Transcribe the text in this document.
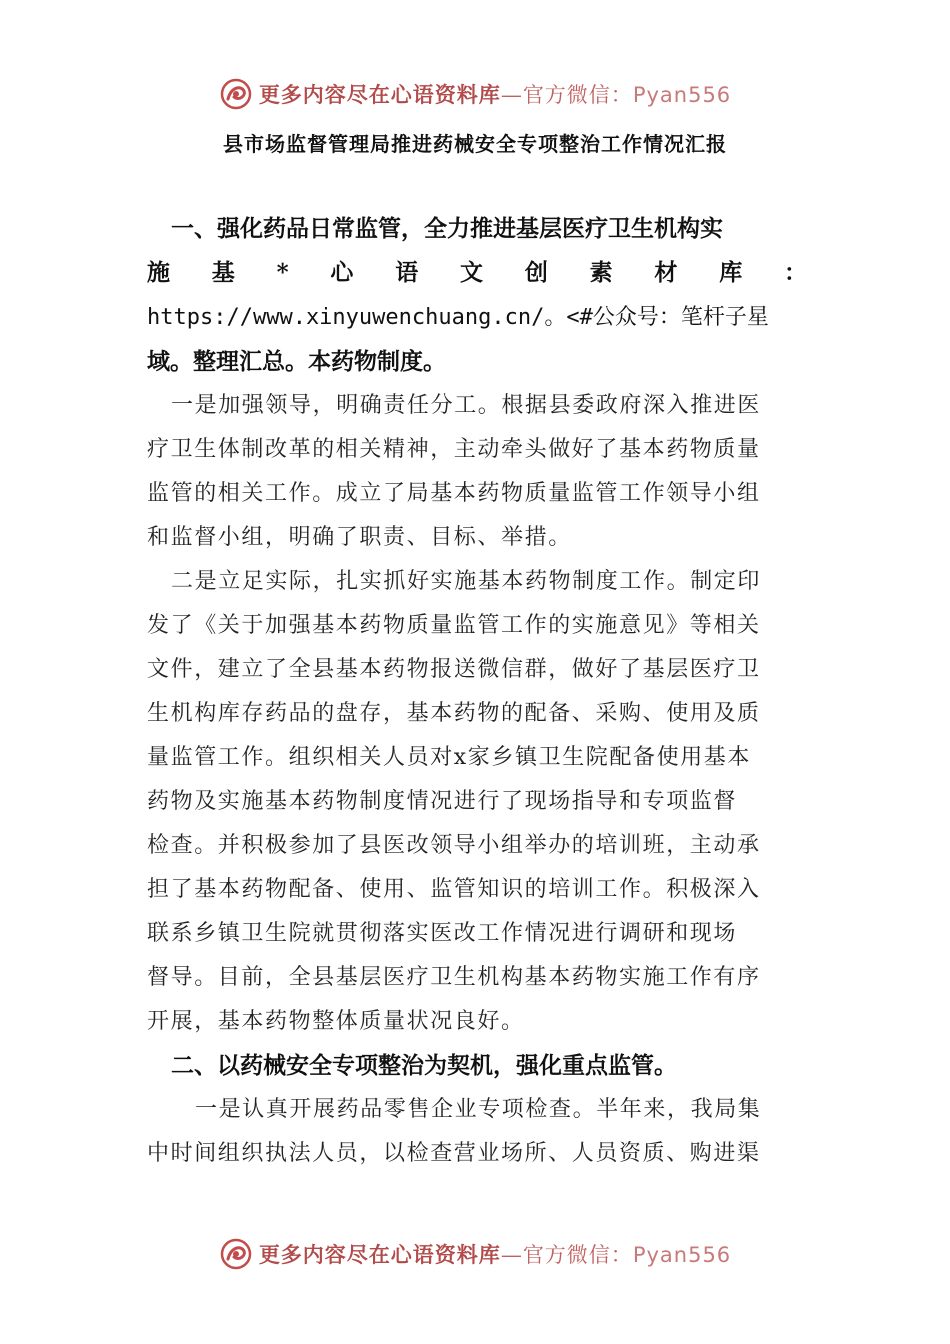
更多内容尽在心语资料库—官方微信：Pyan556
县市场监督管理局推进药械安全专项整治工作情况汇报
一、强化药品日常监管，全力推进基层医疗卫生机构实
施 基 * 心 语 文 创 素 材 库 ：
https://www.xinyuwenchuang.cn/。<#公众号：笔杆子星
域。整理汇总。本药物制度。
一是加强领导，明确责任分工。根据县委政府深入推进医
疗卫生体制改革的相关精神，主动牵头做好了基本药物质量
监管的相关工作。成立了局基本药物质量监管工作领导小组
和监督小组，明确了职责、目标、举措。
二是立足实际，扎实抓好实施基本药物制度工作。制定印
发了《关于加强基本药物质量监管工作的实施意见》等相关
文件，建立了全县基本药物报送微信群，做好了基层医疗卫
生机构库存药品的盘存，基本药物的配备、采购、使用及质
量监管工作。组织相关人员对x家乡镇卫生院配备使用基本
药物及实施基本药物制度情况进行了现场指导和专项监督
检查。并积极参加了县医改领导小组举办的培训班，主动承
担了基本药物配备、使用、监管知识的培训工作。积极深入
联系乡镇卫生院就贯彻落实医改工作情况进行调研和现场
督导。目前，全县基层医疗卫生机构基本药物实施工作有序
开展，基本药物整体质量状况良好。
二、以药械安全专项整治为契机，强化重点监管。
一是认真开展药品零售企业专项检查。半年来，我局集
中时间组织执法人员，以检查营业场所、人员资质、购进渠
更多内容尽在心语资料库—官方微信：Pyan556
